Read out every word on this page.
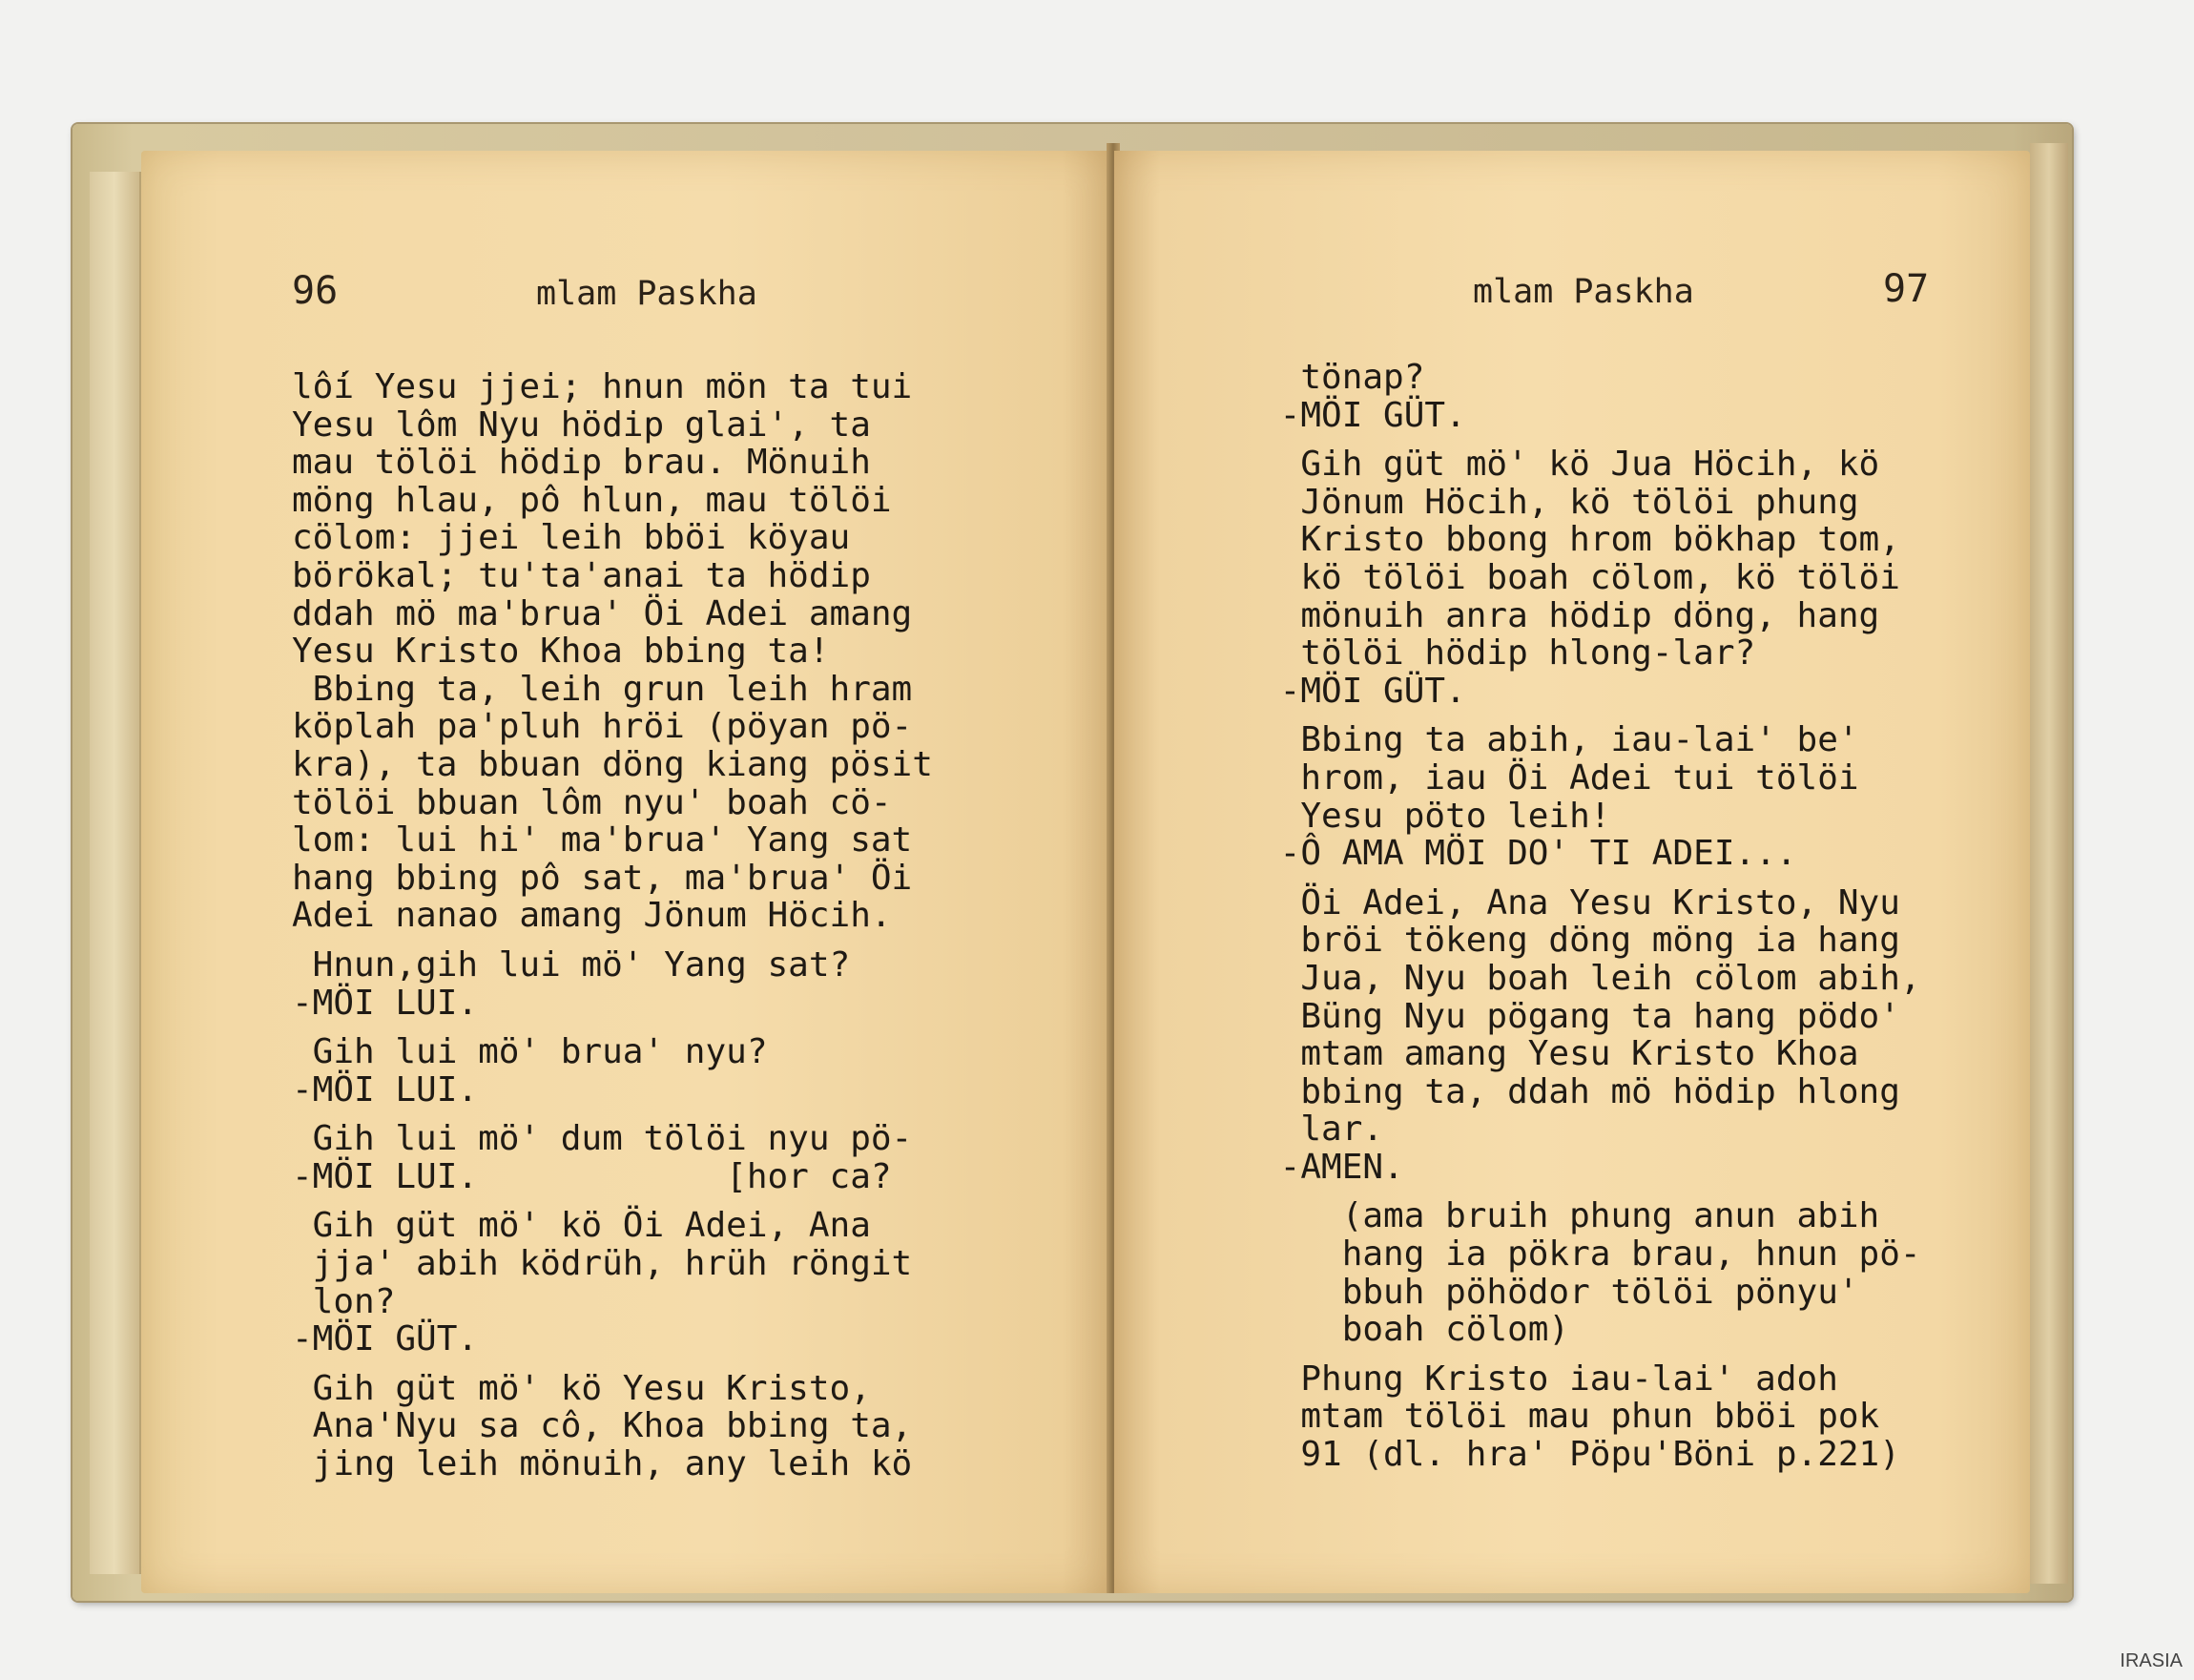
96	mlam Paskha
lối Yesu jjei; hnun mön ta tui
Yesu lôm Nyu hödip glai', ta
mau tölöi hödip brau. Mönuih
möng hlau, pô hlun, mau tölöi
cölom: jjei leih bböi köyau
börökal; tu'ta'anai ta hödip
ddah mö ma'brua' Öi Adei amang
Yesu Kristo Khoa bbing ta!
Bbing ta, leih grun leih hram
köplah pa'pluh hröi (pöyan pö-
kra), ta bbuan döng kiang pösit
tölöi bbuan lôm nyu' boah cö-
lom: lui hi' ma'brua' Yang sat
hang bbing pô sat, ma'brua' Öi
Adei nanao amang Jönum Höcih.
Hnun,gih lui mö' Yang sat?
-MÖI LUI.
Gih lui mö' brua' nyu?
-MÖI LUI.
Gih lui mö' dum tölöi nyu pö-
-MÖI LUI.            [hor ca?
Gih güt mö' kö Öi Adei, Ana
jja' abih ködrüh, hrüh röngit
lon?
-MÖI GÜT.
Gih güt mö' kö Yesu Kristo,
Ana'Nyu sa cô, Khoa bbing ta,
jing leih mönuih, any leih kö
mlam Paskha	97
tönap?
-MÖI GÜT.
Gih güt mö' kö Jua Höcih, kö
Jönum Höcih, kö tölöi phung
Kristo bbong hrom bökhap tom,
kö tölöi boah cölom, kö tölöi
mönuih anra hödip döng, hang
tölöi hödip hlong-lar?
-MÖI GÜT.
Bbing ta abih, iau-lai' be'
hrom, iau Öi Adei tui tölöi
Yesu pöto leih!
-Ô AMA MÖI DO' TI ADEI...
Öi Adei, Ana Yesu Kristo, Nyu
bröi tökeng döng möng ia hang
Jua, Nyu boah leih cölom abih,
Büng Nyu pögang ta hang pödo'
mtam amang Yesu Kristo Khoa
bbing ta, ddah mö hödip hlong
lar.
-AMEN.
(ama bruih phung anun abih
hang ia pökra brau, hnun pö-
bbuh pöhödor tölöi pönyu'
boah cölom)
Phung Kristo iau-lai' adoh
mtam tölöi mau phun bböi pok
91 (dl. hra' Pöpu'Böni p.221)
IRASIA
